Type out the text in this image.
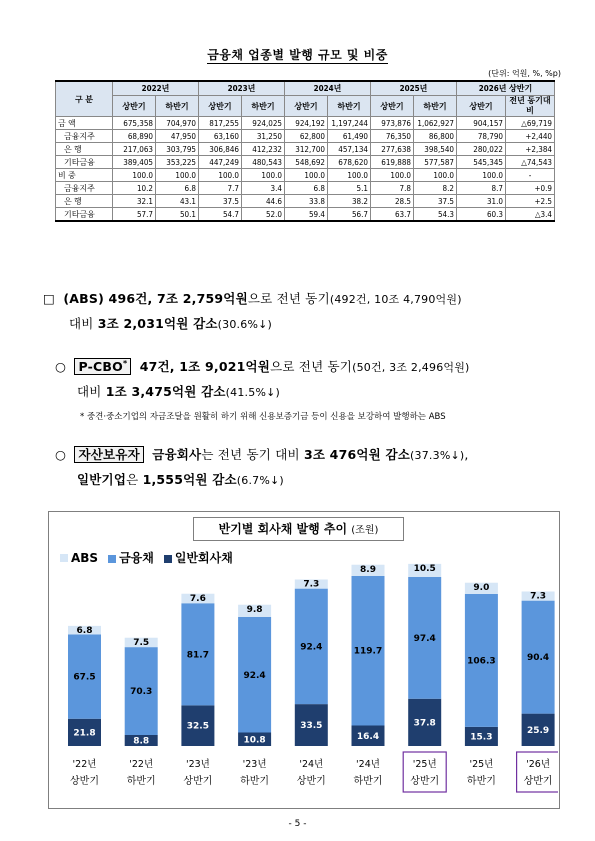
금융채 업종별 발행 규모 및 비중
(단위: 억원, %, %p)
구 분	2022년		2023년		2024년		2025년		2026년 상반기	
	상반기	하반기	상반기	하반기	상반기	하반기	상반기	하반기	상반기	전년 동기대비
금 액	675,358	704,970	817,255	924,025	924,192	1,197,244	973,876	1,062,927	904,157	△69,719
금융지주	68,890	47,950	63,160	31,250	62,800	61,490	76,350	86,800	78,790	+2,440
은 행	217,063	303,795	306,846	412,232	312,700	457,134	277,638	398,540	280,022	+2,384
기타금융	389,405	353,225	447,249	480,543	548,692	678,620	619,888	577,587	545,345	△74,543
비 중	100.0	100.0	100.0	100.0	100.0	100.0	100.0	100.0	100.0	-
금융지주	10.2	6.8	7.7	3.4	6.8	5.1	7.8	8.2	8.7	+0.9
은 행	32.1	43.1	37.5	44.6	33.8	38.2	28.5	37.5	31.0	+2.5
기타금융	57.7	50.1	54.7	52.0	59.4	56.7	63.7	54.3	60.3	△3.4
□ (ABS) 496건, 7조 2,759억원으로 전년 동기(492건, 10조 4,790억원)
대비 3조 2,031억원 감소(30.6%↓)
○ P-CBO* 47건, 1조 9,021억원으로 전년 동기(50건, 3조 2,496억원)
대비 1조 3,475억원 감소(41.5%↓)
* 중견·중소기업의 자금조달을 원활히 하기 위해 신용보증기금 등이 신용을 보강하여 발행하는 ABS
○ 자산보유자 금융회사는 전년 동기 대비 3조 476억원 감소(37.3%↓),
일반기업은 1,555억원 감소(6.7%↓)
반기별 회사채 발행 추이 (조원)
ABS	금융채	일반회사채
21.8
67.5
6.8
'22년
상반기
8.8
70.3
7.5
'22년
하반기
32.5
81.7
7.6
'23년
상반기
10.8
92.4
9.8
'23년
하반기
33.5
92.4
7.3
'24년
상반기
16.4
119.7
8.9
'24년
하반기
37.8
97.4
10.5
'25년
상반기
15.3
106.3
9.0
'25년
하반기
25.9
90.4
7.3
'26년
상반기
- 5 -
